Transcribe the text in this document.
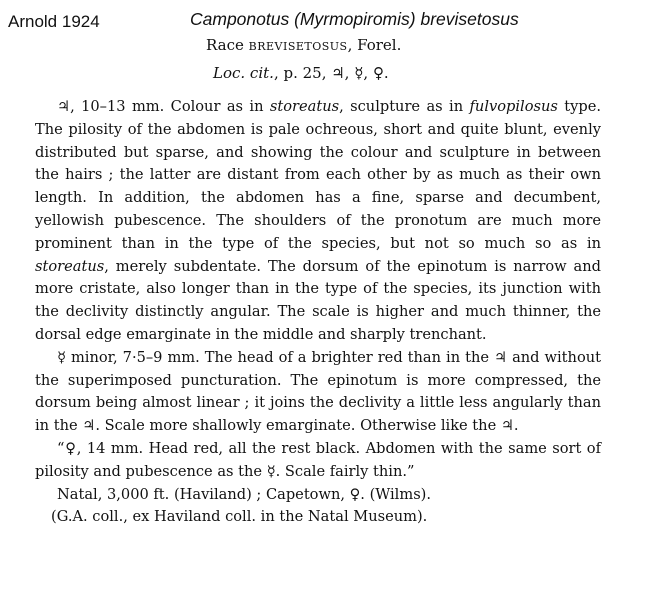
Arnold 1924	Camponotus (Myrmopiromis) brevisetosus
Race brevisetosus, Forel.
Loc. cit., p. 25, ♃, ☿, ♀.

♃, 10–13 mm. Colour as in storeatus, sculpture as in fulvopilosus type. The pilosity of the abdomen is pale ochreous, short and quite blunt, evenly distributed but sparse, and showing the colour and sculpture in between the hairs ; the latter are distant from each other by as much as their own length. In addition, the abdomen has a fine, sparse and decumbent, yellowish pubescence. The shoulders of the pronotum are much more prominent than in the type of the species, but not so much so as in storeatus, merely subdentate. The dorsum of the epinotum is narrow and more cristate, also longer than in the type of the species, its junction with the declivity distinctly angular. The scale is higher and much thinner, the dorsal edge emarginate in the middle and sharply trenchant.

☿ minor, 7·5–9 mm. The head of a brighter red than in the ♃ and without the superimposed puncturation. The epinotum is more compressed, the dorsum being almost linear ; it joins the declivity a little less angularly than in the ♃. Scale more shallowly emarginate. Otherwise like the ♃.

“♀, 14 mm. Head red, all the rest black. Abdomen with the same sort of pilosity and pubescence as the ☿. Scale fairly thin.”

Natal, 3,000 ft. (Haviland) ; Capetown, ♀. (Wilms).

(G.A. coll., ex Haviland coll. in the Natal Museum).
